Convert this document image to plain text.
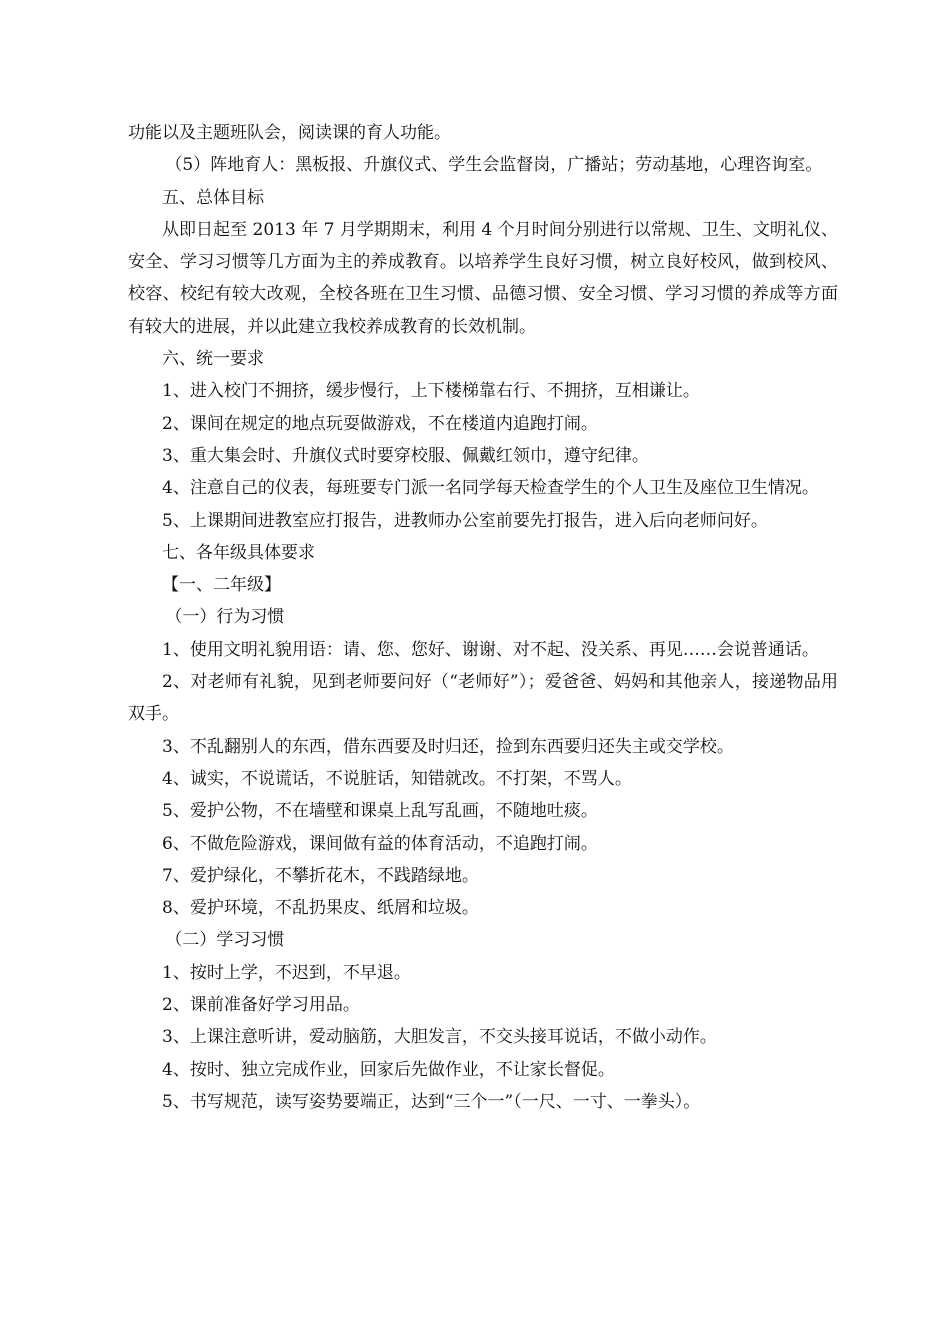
功能以及主题班队会，阅读课的育人功能。

（5）阵地育人：黑板报、升旗仪式、学生会监督岗，广播站；劳动基地，心理咨询室。

五、总体目标

从即日起至 2013 年 7 月学期期末，利用 4 个月时间分别进行以常规、卫生、文明礼仪、安全、学习习惯等几方面为主的养成教育。以培养学生良好习惯，树立良好校风，做到校风、校容、校纪有较大改观，全校各班在卫生习惯、品德习惯、安全习惯、学习习惯的养成等方面有较大的进展，并以此建立我校养成教育的长效机制。

六、统一要求

1、进入校门不拥挤，缓步慢行，上下楼梯靠右行、不拥挤，互相谦让。

2、课间在规定的地点玩耍做游戏，不在楼道内追跑打闹。

3、重大集会时、升旗仪式时要穿校服、佩戴红领巾，遵守纪律。

4、注意自己的仪表，每班要专门派一名同学每天检查学生的个人卫生及座位卫生情况。

5、上课期间进教室应打报告，进教师办公室前要先打报告，进入后向老师问好。

七、各年级具体要求

【一、二年级】

（一）行为习惯

1、使用文明礼貌用语：请、您、您好、谢谢、对不起、没关系、再见……会说普通话。

2、对老师有礼貌，见到老师要问好（“老师好”）；爱爸爸、妈妈和其他亲人，接递物品用双手。

3、不乱翻别人的东西，借东西要及时归还，捡到东西要归还失主或交学校。

4、诚实，不说谎话，不说脏话，知错就改。不打架，不骂人。

5、爱护公物，不在墙壁和课桌上乱写乱画，不随地吐痰。

6、不做危险游戏，课间做有益的体育活动，不追跑打闹。

7、爱护绿化，不攀折花木，不践踏绿地。

8、爱护环境，不乱扔果皮、纸屑和垃圾。

（二）学习习惯

1、按时上学，不迟到，不早退。

2、课前准备好学习用品。

3、上课注意听讲，爱动脑筋，大胆发言，不交头接耳说话，不做小动作。

4、按时、独立完成作业，回家后先做作业，不让家长督促。

5、书写规范，读写姿势要端正，达到“三个一”（一尺、一寸、一拳头）。
